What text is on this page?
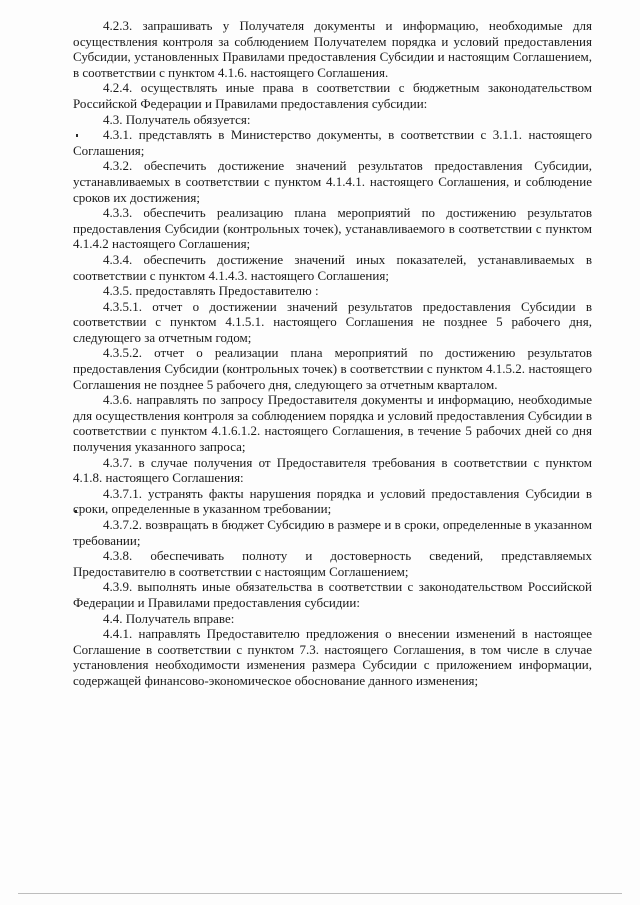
4.2.3. запрашивать у Получателя документы и информацию, необходимые для осуществления контроля за соблюдением Получателем порядка и условий предоставления Субсидии, установленных Правилами предоставления Субсидии и настоящим Соглашением, в соответствии с пунктом 4.1.6. настоящего Соглашения.

4.2.4. осуществлять иные права в соответствии с бюджетным законодательством Российской Федерации и Правилами предоставления субсидии:

4.3. Получатель обязуется:

4.3.1. представлять в Министерство документы, в соответствии с 3.1.1. настоящего Соглашения;

4.3.2. обеспечить достижение значений результатов предоставления Субсидии, устанавливаемых в соответствии с пунктом 4.1.4.1. настоящего Соглашения, и соблюдение сроков их достижения;

4.3.3. обеспечить реализацию плана мероприятий по достижению результатов предоставления Субсидии (контрольных точек), устанавливаемого в соответствии с пунктом 4.1.4.2 настоящего Соглашения;

4.3.4. обеспечить достижение значений иных показателей, устанавливаемых в соответствии с пунктом 4.1.4.3. настоящего Соглашения;

4.3.5. предоставлять Предоставителю :

4.3.5.1. отчет о достижении значений результатов предоставления Субсидии в соответствии с пунктом 4.1.5.1. настоящего Соглашения не позднее 5 рабочего дня, следующего за отчетным годом;

4.3.5.2. отчет о реализации плана мероприятий по достижению результатов предоставления Субсидии (контрольных точек) в соответствии с пунктом 4.1.5.2. настоящего Соглашения не позднее 5 рабочего дня, следующего за отчетным кварталом.

4.3.6. направлять по запросу Предоставителя документы и информацию, необходимые для осуществления контроля за соблюдением порядка и условий предоставления Субсидии в соответствии с пунктом 4.1.6.1.2. настоящего Соглашения, в течение 5 рабочих дней со дня получения указанного запроса;

4.3.7. в случае получения от Предоставителя требования в соответствии с пунктом 4.1.8. настоящего Соглашения:

4.3.7.1. устранять факты нарушения порядка и условий предоставления Субсидии в сроки, определенные в указанном требовании;

4.3.7.2. возвращать в бюджет Субсидию в размере и в сроки, определенные в указанном требовании;

4.3.8. обеспечивать полноту и достоверность сведений, представляемых Предоставителю в соответствии с настоящим Соглашением;

4.3.9. выполнять иные обязательства в соответствии с законодательством Российской Федерации и Правилами предоставления субсидии:

4.4. Получатель вправе:

4.4.1. направлять Предоставителю предложения о внесении изменений в настоящее Соглашение в соответствии с пунктом 7.3. настоящего Соглашения, в том числе в случае установления необходимости изменения размера Субсидии с приложением информации, содержащей финансово-экономическое обоснование данного изменения;
